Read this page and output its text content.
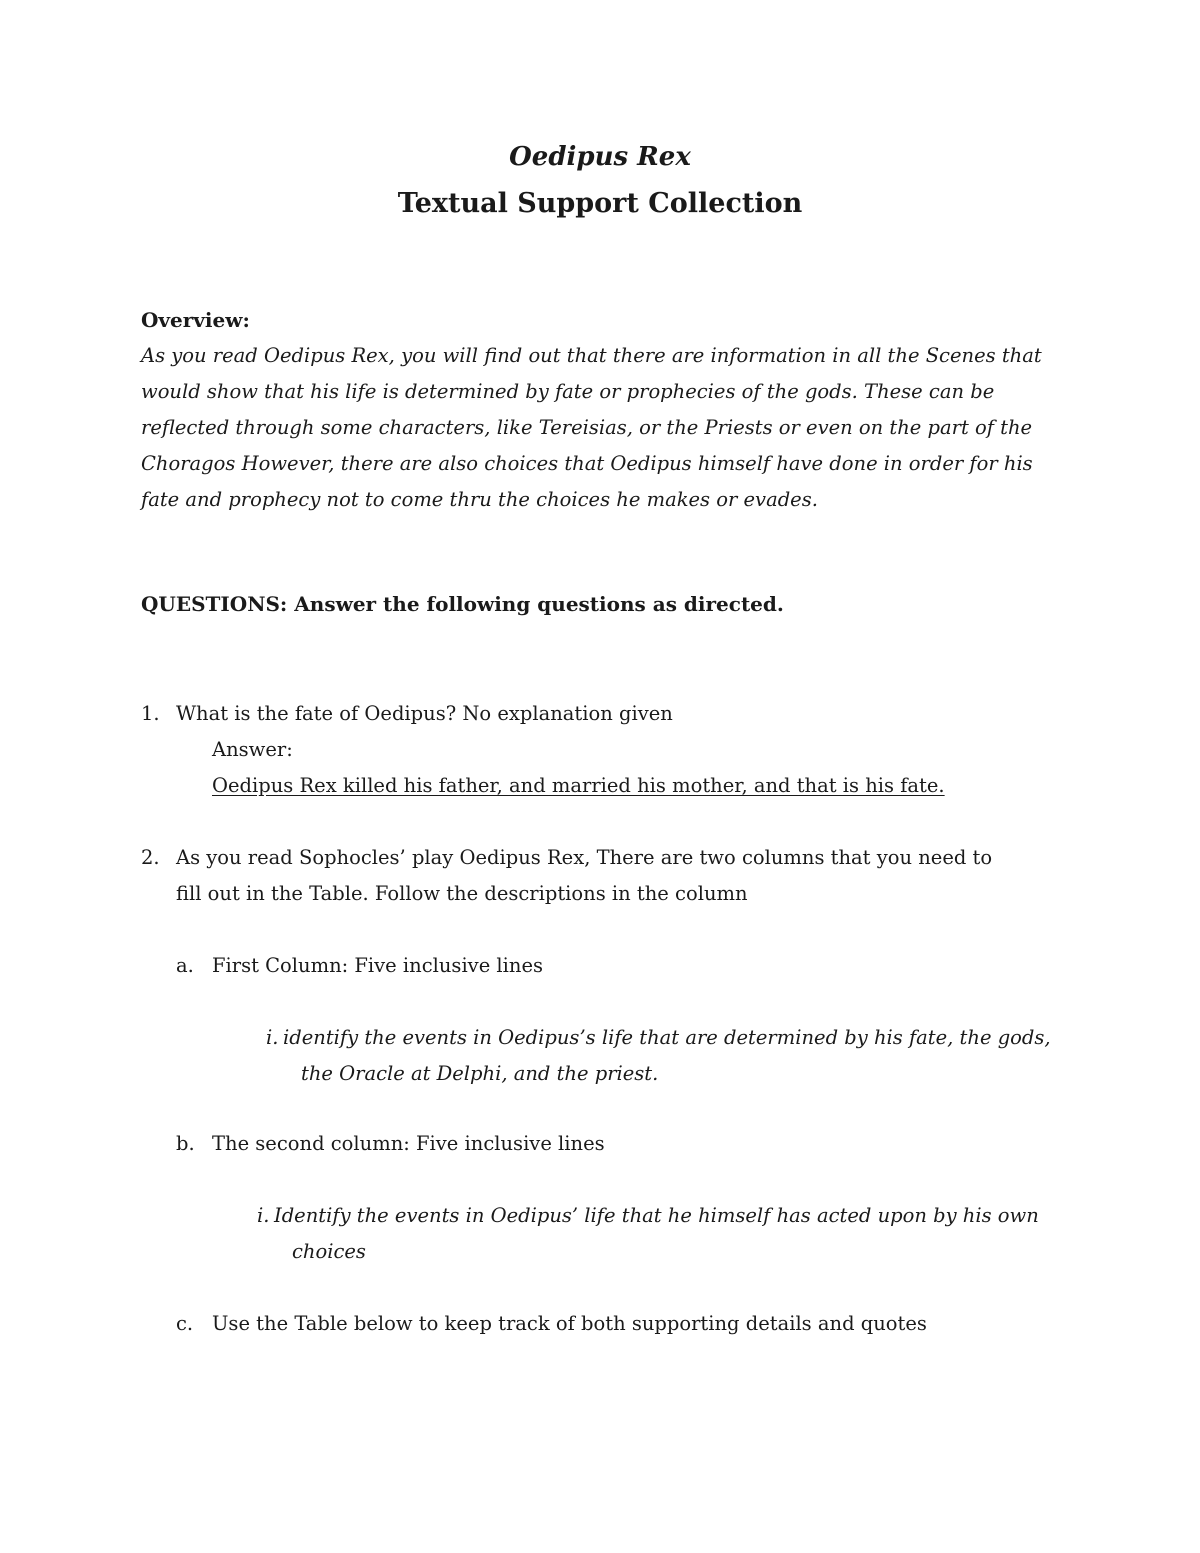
Oedipus Rex
Textual Support Collection
Overview:
As you read Oedipus Rex, you will find out that there are information in all the Scenes that
would show that his life is determined by fate or prophecies of the gods. These can be
reflected through some characters, like Tereisias, or the Priests or even on the part of the
Choragos However, there are also choices that Oedipus himself have done in order for his
fate and prophecy not to come thru the choices he makes or evades.
QUESTIONS: Answer the following questions as directed.
1. What is the fate of Oedipus? No explanation given
Answer:
Oedipus Rex killed his father, and married his mother, and that is his fate.
2. As you read Sophocles’ play Oedipus Rex, There are two columns that you need to
fill out in the Table. Follow the descriptions in the column
a. First Column: Five inclusive lines
i. identify the events in Oedipus’s life that are determined by his fate, the gods,
the Oracle at Delphi, and the priest.
b. The second column: Five inclusive lines
i. Identify the events in Oedipus’ life that he himself has acted upon by his own
choices
c. Use the Table below to keep track of both supporting details and quotes
